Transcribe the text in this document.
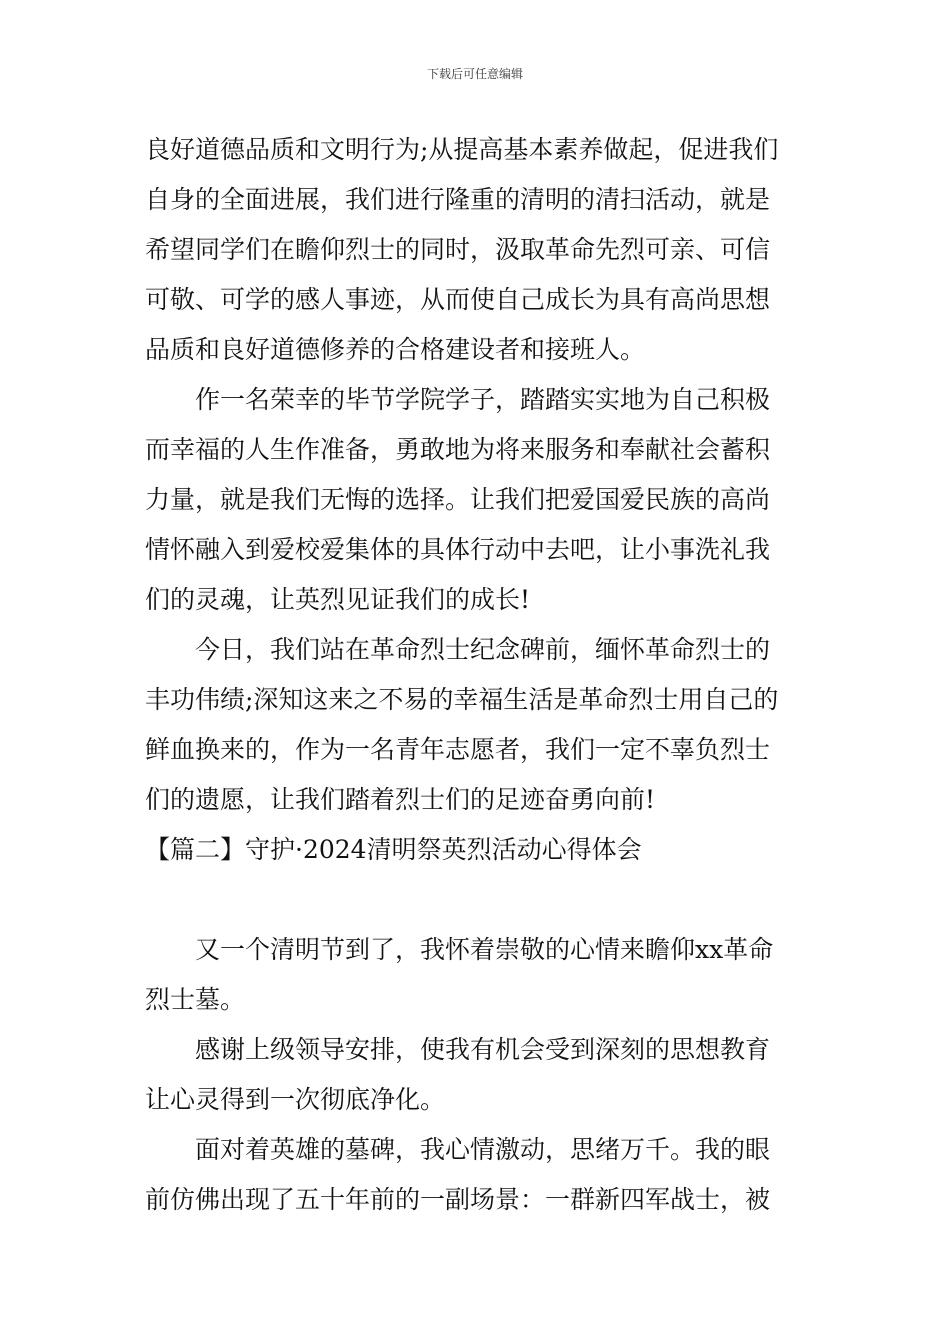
下载后可任意编辑
良好道德品质和文明行为;从提高基本素养做起，促进我们
自身的全面进展，我们进行隆重的清明的清扫活动，就是
希望同学们在瞻仰烈士的同时，汲取革命先烈可亲、可信
可敬、可学的感人事迹，从而使自己成长为具有高尚思想
品质和良好道德修养的合格建设者和接班人。
作一名荣幸的毕节学院学子，踏踏实实地为自己积极
而幸福的人生作准备，勇敢地为将来服务和奉献社会蓄积
力量，就是我们无悔的选择。让我们把爱国爱民族的高尚
情怀融入到爱校爱集体的具体行动中去吧，让小事洗礼我
们的灵魂，让英烈见证我们的成长!
今日，我们站在革命烈士纪念碑前，缅怀革命烈士的
丰功伟绩;深知这来之不易的幸福生活是革命烈士用自己的
鲜血换来的，作为一名青年志愿者，我们一定不辜负烈士
们的遗愿，让我们踏着烈士们的足迹奋勇向前!
【篇二】守护·2024清明祭英烈活动心得体会
又一个清明节到了，我怀着崇敬的心情来瞻仰xx革命
烈士墓。
感谢上级领导安排，使我有机会受到深刻的思想教育
让心灵得到一次彻底净化。
面对着英雄的墓碑，我心情激动，思绪万千。我的眼
前仿佛出现了五十年前的一副场景：一群新四军战士，被
